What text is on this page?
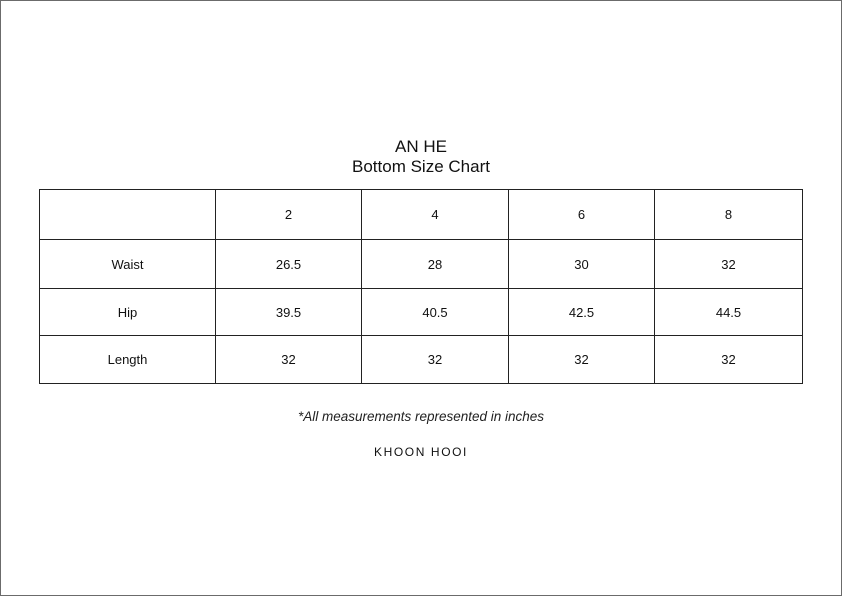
AN HE
Bottom Size Chart
	2	4	6	8
Waist	26.5	28	30	32
Hip	39.5	40.5	42.5	44.5
Length	32	32	32	32
*All measurements represented in inches
KHOON HOOI
